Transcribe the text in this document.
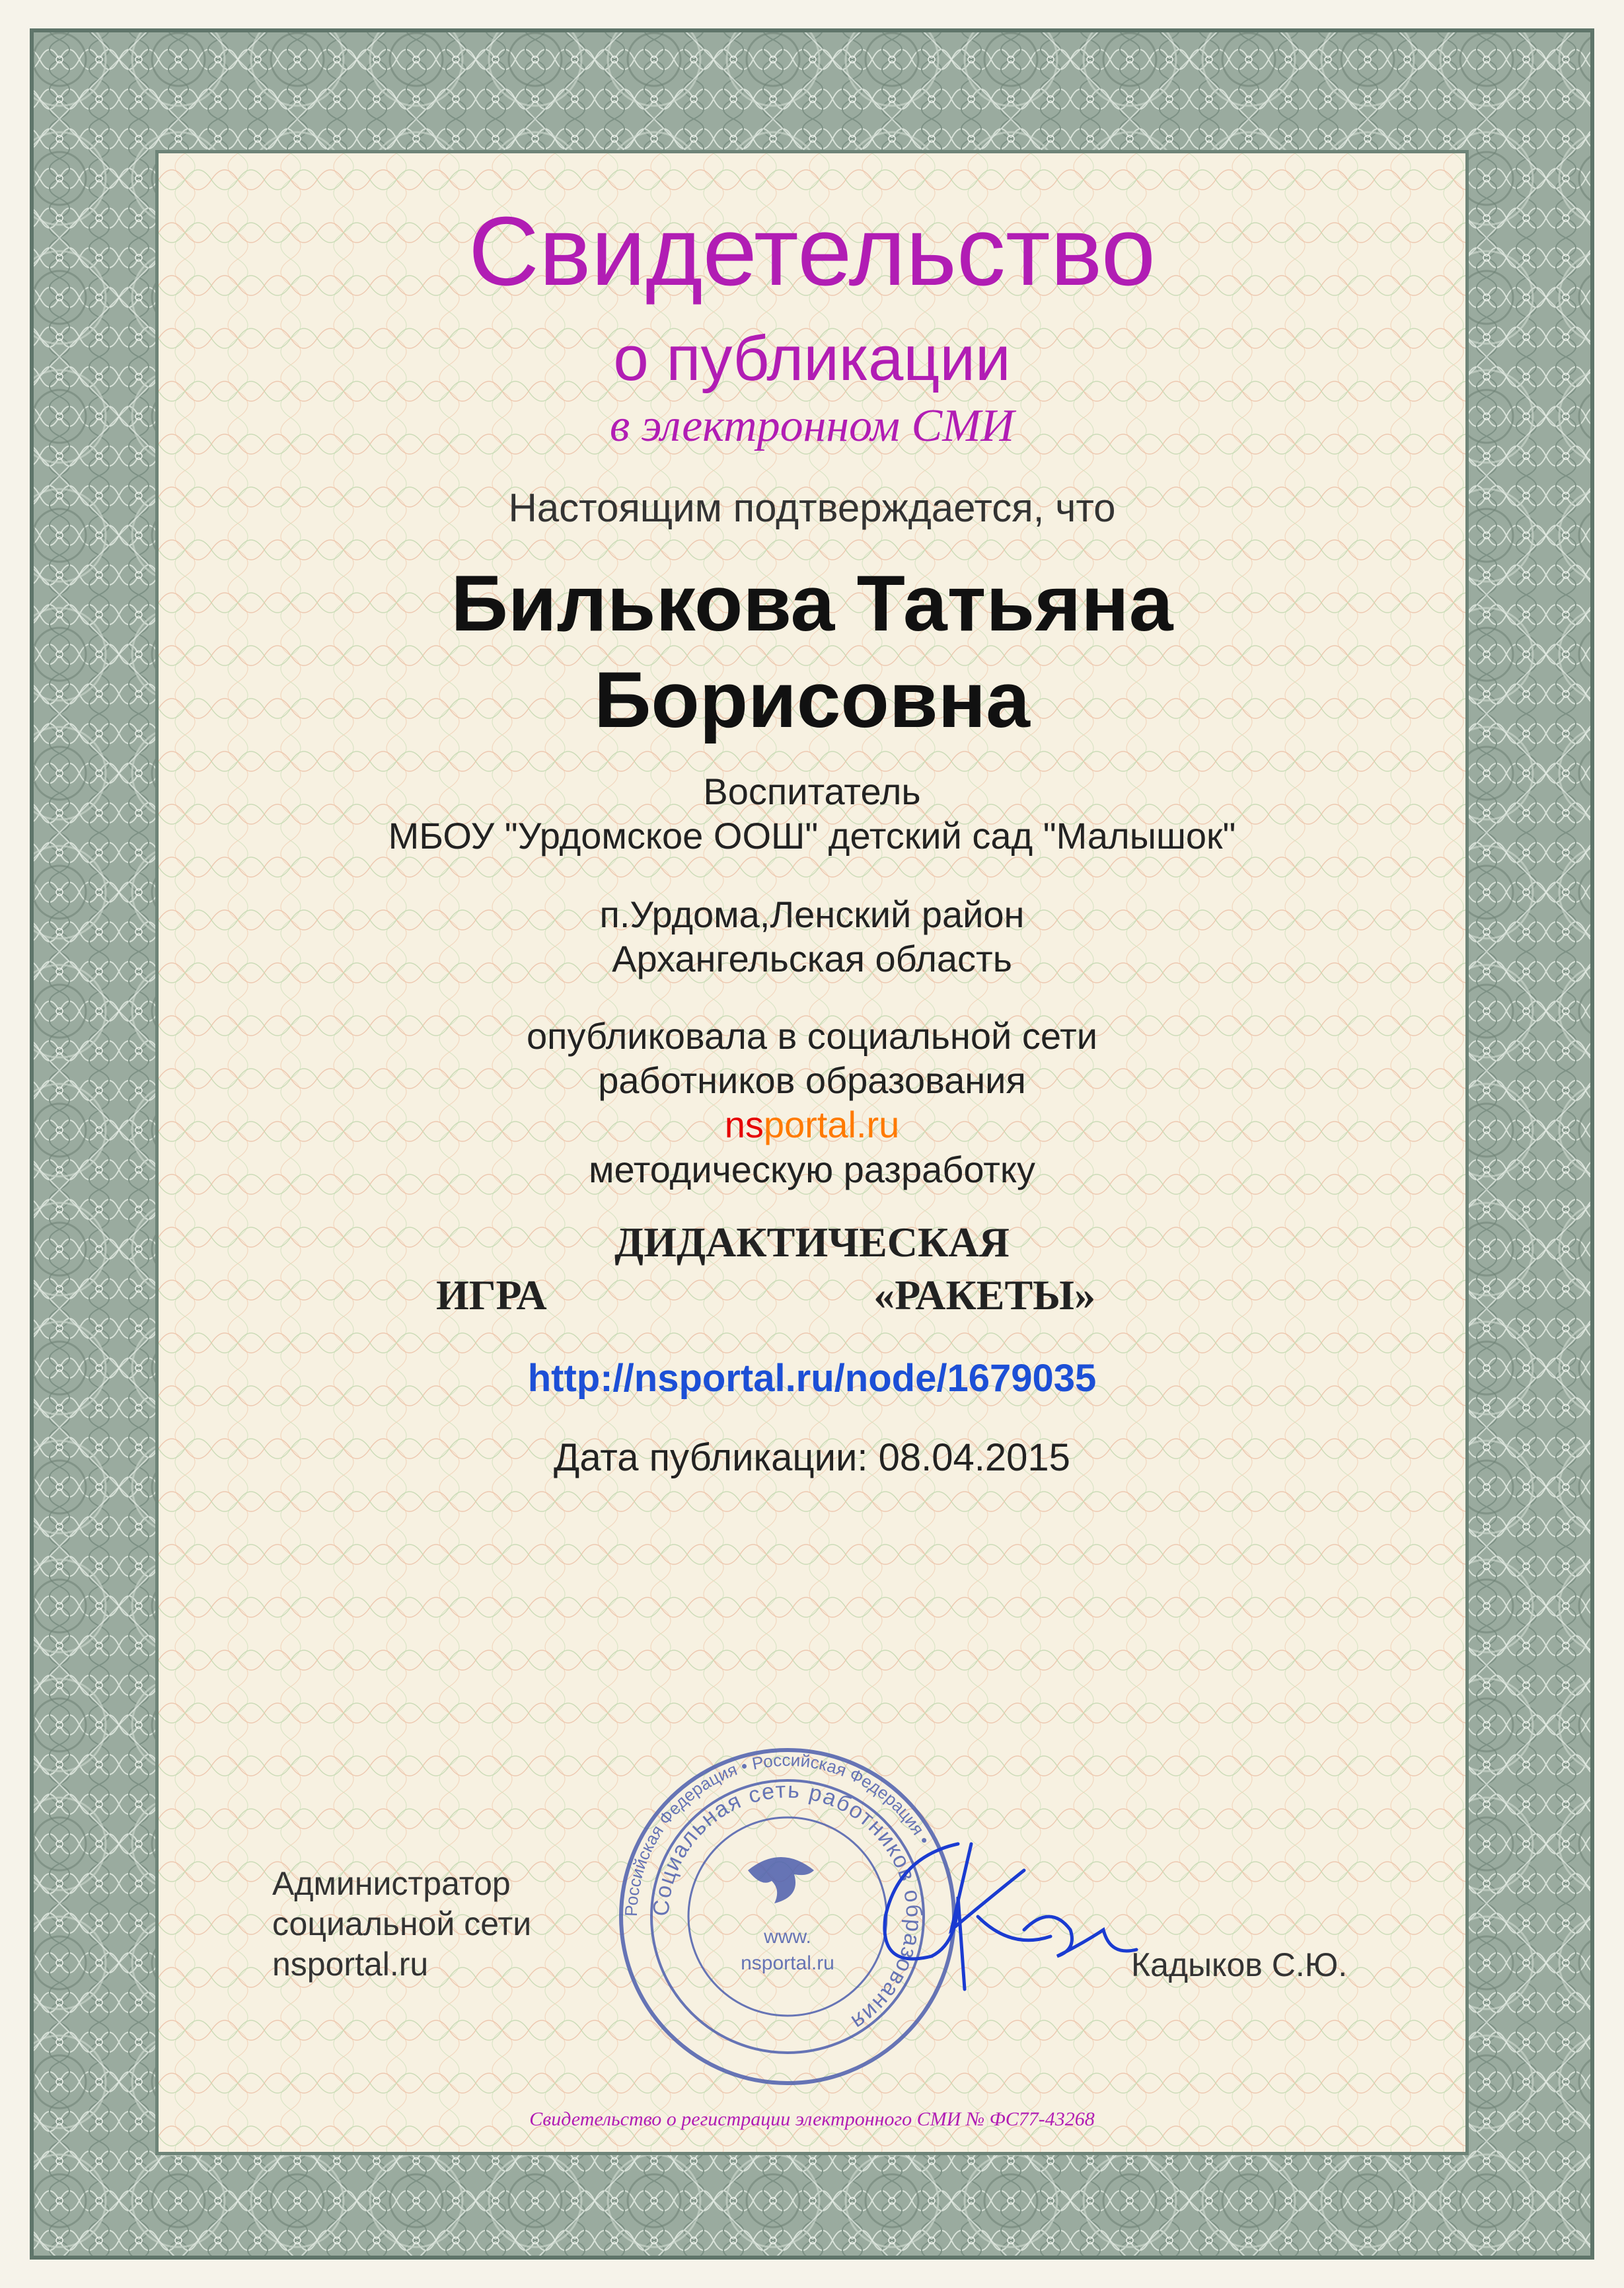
Свидетельство
о публикации
в электронном СМИ
Настоящим подтверждается, что
Билькова Татьяна
Борисовна
Воспитатель
МБОУ "Урдомское ООШ" детский сад "Малышок"
п.Урдома,Ленский район
Архангельская область
опубликовала в социальной сети
работников образования
nsportal.ru
методическую разработку
ДИДАКТИЧЕСКАЯ
ИГРА	«РАКЕТЫ»
http://nsportal.ru/node/1679035
Дата публикации: 08.04.2015
Российская Федерация • Российская Федерация •
Социальная сеть работников образования
www.
nsportal.ru
Администратор
социальной сети
nsportal.ru	Кадыков С.Ю.
Свидетельство о регистрации электронного СМИ № ФС77-43268
